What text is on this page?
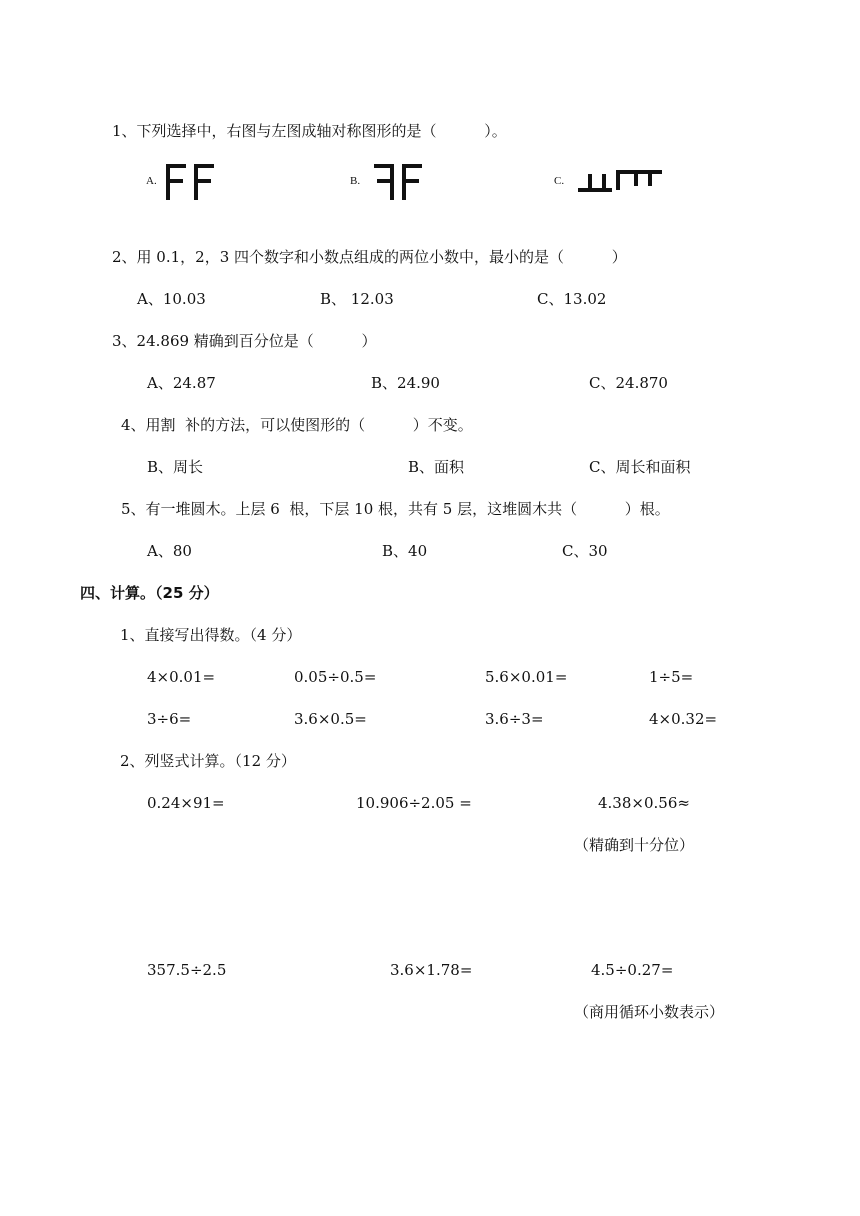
1、下列选择中，右图与左图成轴对称图形的是（          ）。
A.	B.	C.
2、用 0.1，2，3 四个数字和小数点组成的两位小数中，最小的是（          ）
A、10.03	B、 12.03	C、13.02
3、24.869 精确到百分位是（          ）
A、24.87	B、24.90	C、24.870
4、用割  补的方法，可以使图形的（          ）不变。
B、周长	B、面积	C、周长和面积
5、有一堆圆木。上层 6  根，下层 10 根，共有 5 层，这堆圆木共（          ）根。
A、80	B、40	C、30
四、计算。（25 分）
1、直接写出得数。（4 分）
4×0.01=	0.05÷0.5=	5.6×0.01=	1÷5=
3÷6=	3.6×0.5=	3.6÷3=	4×0.32=
2、列竖式计算。（12 分）
0.24×91=	10.906÷2.05 =	4.38×0.56≈
（精确到十分位）
357.5÷2.5	3.6×1.78=	4.5÷0.27=
（商用循环小数表示）
